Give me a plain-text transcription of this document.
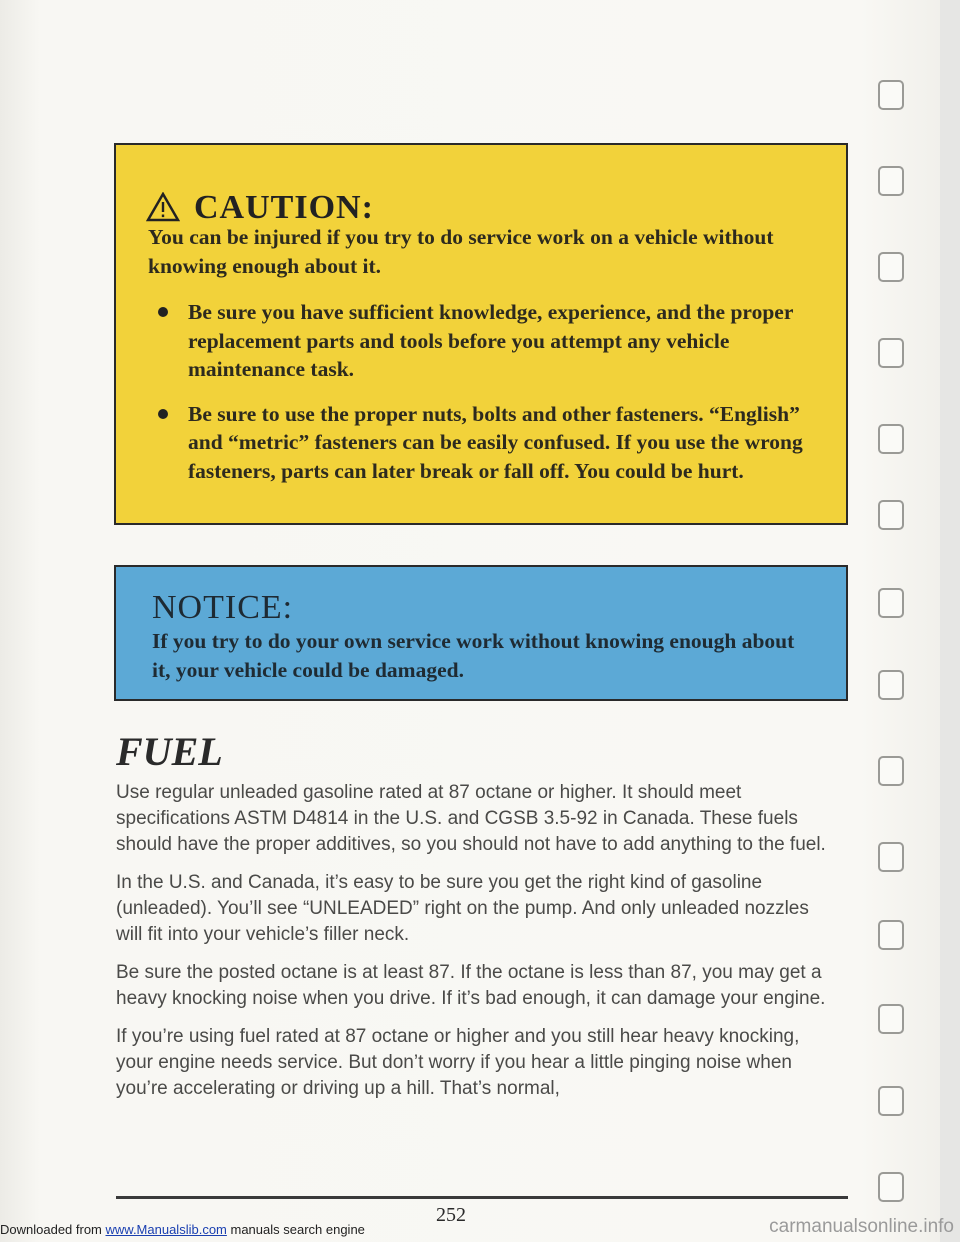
CAUTION:

You can be injured if you try to do service work on a vehicle without knowing enough about it.

Be sure you have sufficient knowledge, experience, and the proper replacement parts and tools before you attempt any vehicle maintenance task.
Be sure to use the proper nuts, bolts and other fasteners. “English” and “metric” fasteners can be easily confused. If you use the wrong fasteners, parts can later break or fall off. You could be hurt.
NOTICE:
If you try to do your own service work without knowing enough about it, your vehicle could be damaged.
FUEL

Use regular unleaded gasoline rated at 87 octane or higher. It should meet specifications ASTM D4814 in the U.S. and CGSB 3.5-92 in Canada. These fuels should have the proper additives, so you should not have to add anything to the fuel.

In the U.S. and Canada, it’s easy to be sure you get the right kind of gasoline (unleaded). You’ll see “UNLEADED” right on the pump. And only unleaded nozzles will fit into your vehicle’s filler neck.

Be sure the posted octane is at least 87. If the octane is less than 87, you may get a heavy knocking noise when you drive. If it’s bad enough, it can damage your engine.

If you’re using fuel rated at 87 octane or higher and you still hear heavy knocking, your engine needs service. But don’t worry if you hear a little pinging noise when you’re accelerating or driving up a hill. That’s normal,

252
Downloaded from www.Manualslib.com manuals search engine	carmanualsonline.info
